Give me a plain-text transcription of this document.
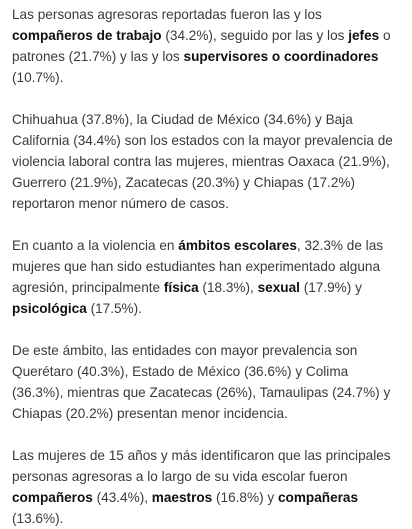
Las personas agresoras reportadas fueron las y los compañeros de trabajo (34.2%), seguido por las y los jefes o patrones (21.7%) y las y los supervisores o coordinadores (10.7%).

Chihuahua (37.8%), la Ciudad de México (34.6%) y Baja California (34.4%) son los estados con la mayor prevalencia de violencia laboral contra las mujeres, mientras Oaxaca (21.9%), Guerrero (21.9%), Zacatecas (20.3%) y Chiapas (17.2%) reportaron menor número de casos.

En cuanto a la violencia en ámbitos escolares, 32.3% de las mujeres que han sido estudiantes han experimentado alguna agresión, principalmente física (18.3%), sexual (17.9%) y psicológica (17.5%).

De este ámbito, las entidades con mayor prevalencia son Querétaro (40.3%), Estado de México (36.6%) y Colima (36.3%), mientras que Zacatecas (26%), Tamaulipas (24.7%) y Chiapas (20.2%) presentan menor incidencia.

Las mujeres de 15 años y más identificaron que las principales personas agresoras a lo largo de su vida escolar fueron compañeros (43.4%), maestros (16.8%) y compañeras (13.6%).
